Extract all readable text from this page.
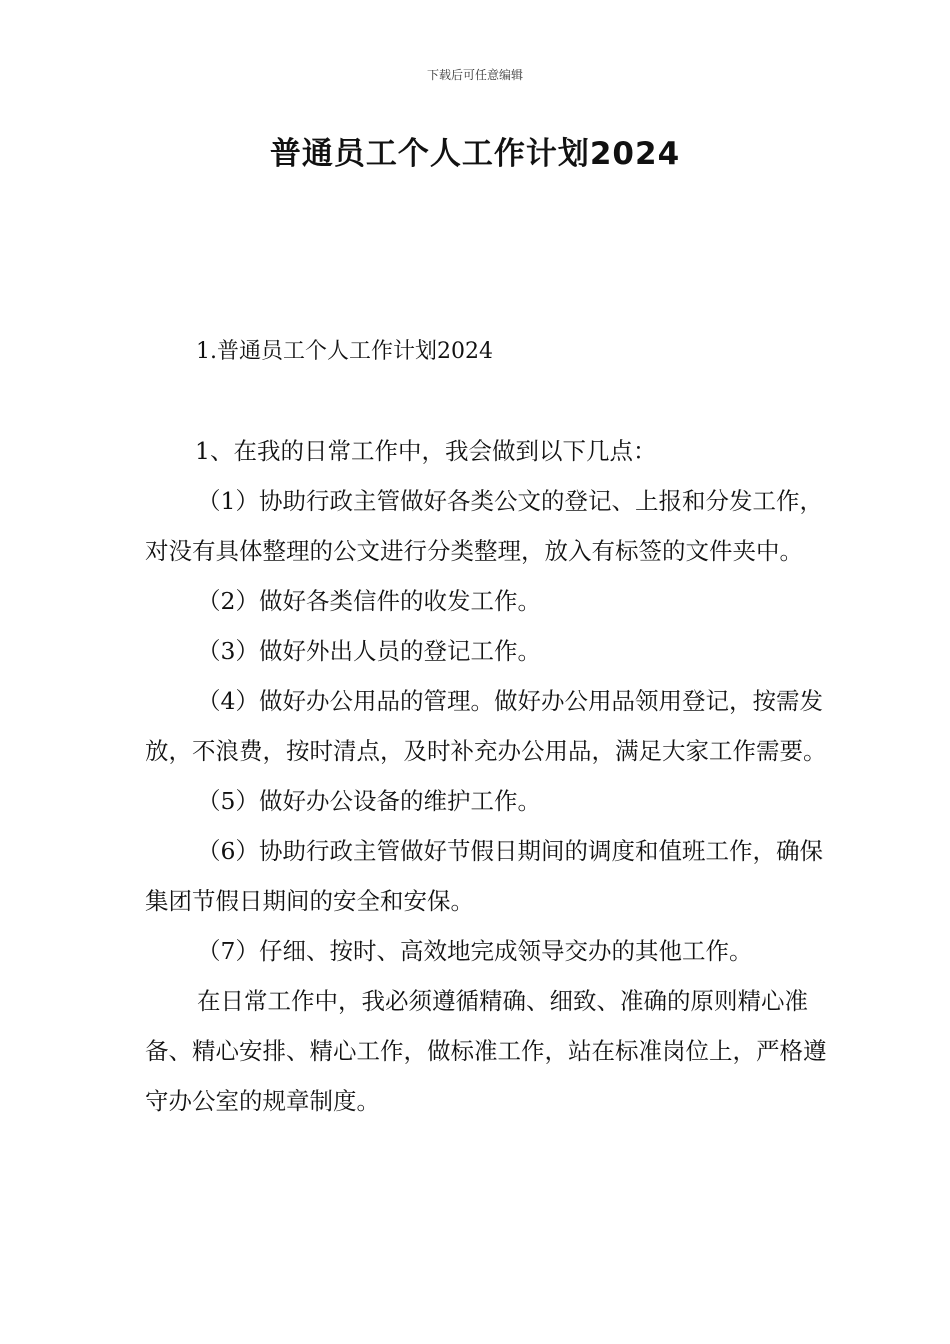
下载后可任意编辑
普通员工个人工作计划2024
1.普通员工个人工作计划2024

1、在我的日常工作中，我会做到以下几点：

（1）协助行政主管做好各类公文的登记、上报和分发工作，对没有具体整理的公文进行分类整理，放入有标签的文件夹中。

（2）做好各类信件的收发工作。

（3）做好外出人员的登记工作。

（4）做好办公用品的管理。做好办公用品领用登记，按需发放，不浪费，按时清点，及时补充办公用品，满足大家工作需要。

（5）做好办公设备的维护工作。

（6）协助行政主管做好节假日期间的调度和值班工作，确保集团节假日期间的安全和安保。

（7）仔细、按时、高效地完成领导交办的其他工作。

在日常工作中，我必须遵循精确、细致、准确的原则精心准备、精心安排、精心工作，做标准工作，站在标准岗位上，严格遵守办公室的规章制度。
